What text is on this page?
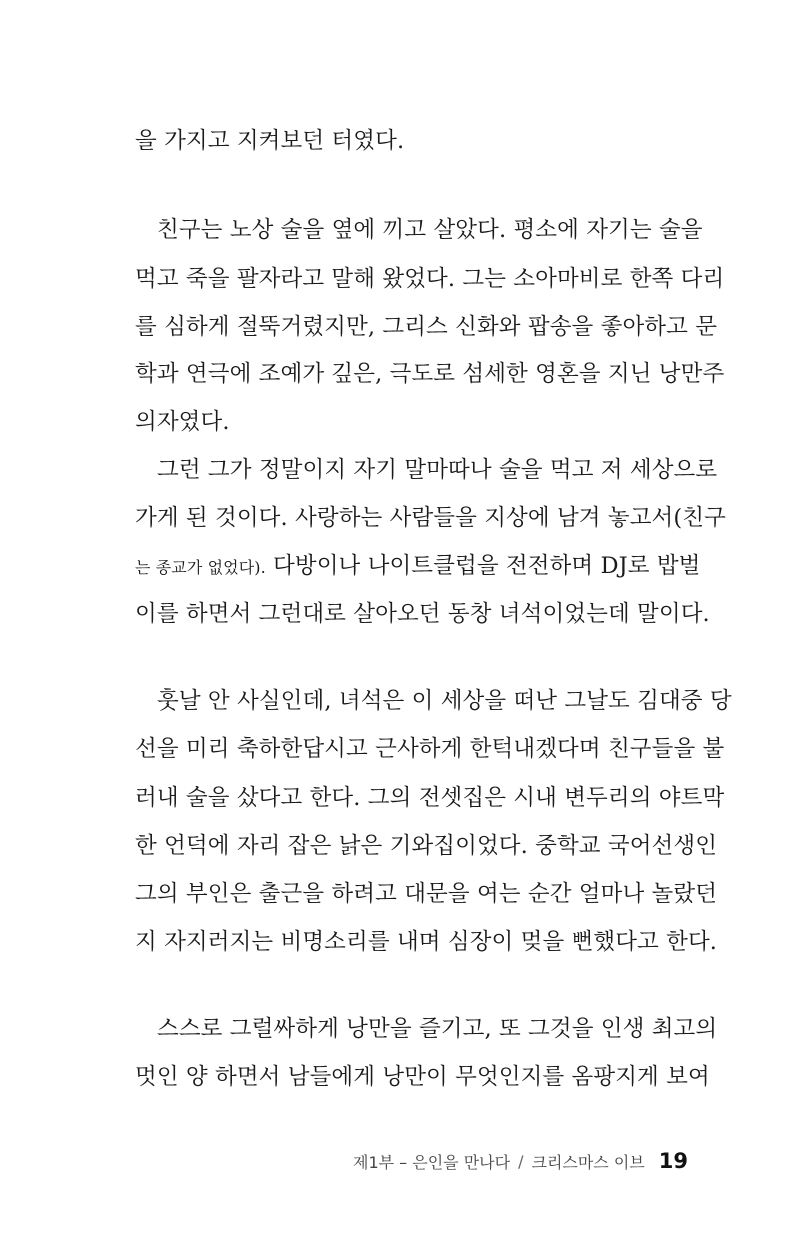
을 가지고 지켜보던 터였다.
친구는 노상 술을 옆에 끼고 살았다. 평소에 자기는 술을
먹고 죽을 팔자라고 말해 왔었다. 그는 소아마비로 한쪽 다리
를 심하게 절뚝거렸지만, 그리스 신화와 팝송을 좋아하고 문
학과 연극에 조예가 깊은, 극도로 섬세한 영혼을 지닌 낭만주
의자였다.
그런 그가 정말이지 자기 말마따나 술을 먹고 저 세상으로
가게 된 것이다. 사랑하는 사람들을 지상에 남겨 놓고서(친구
는 종교가 없었다). 다방이나 나이트클럽을 전전하며 DJ로 밥벌
이를 하면서 그런대로 살아오던 동창 녀석이었는데 말이다.
훗날 안 사실인데, 녀석은 이 세상을 떠난 그날도 김대중 당
선을 미리 축하한답시고 근사하게 한턱내겠다며 친구들을 불
러내 술을 샀다고 한다. 그의 전셋집은 시내 변두리의 야트막
한 언덕에 자리 잡은 낡은 기와집이었다. 중학교 국어선생인
그의 부인은 출근을 하려고 대문을 여는 순간 얼마나 놀랐던
지 자지러지는 비명소리를 내며 심장이 멎을 뻔했다고 한다.
스스로 그럴싸하게 낭만을 즐기고, 또 그것을 인생 최고의
멋인 양 하면서 남들에게 낭만이 무엇인지를 옴팡지게 보여
제1부 – 은인을 만나다 / 크리스마스 이브 19
